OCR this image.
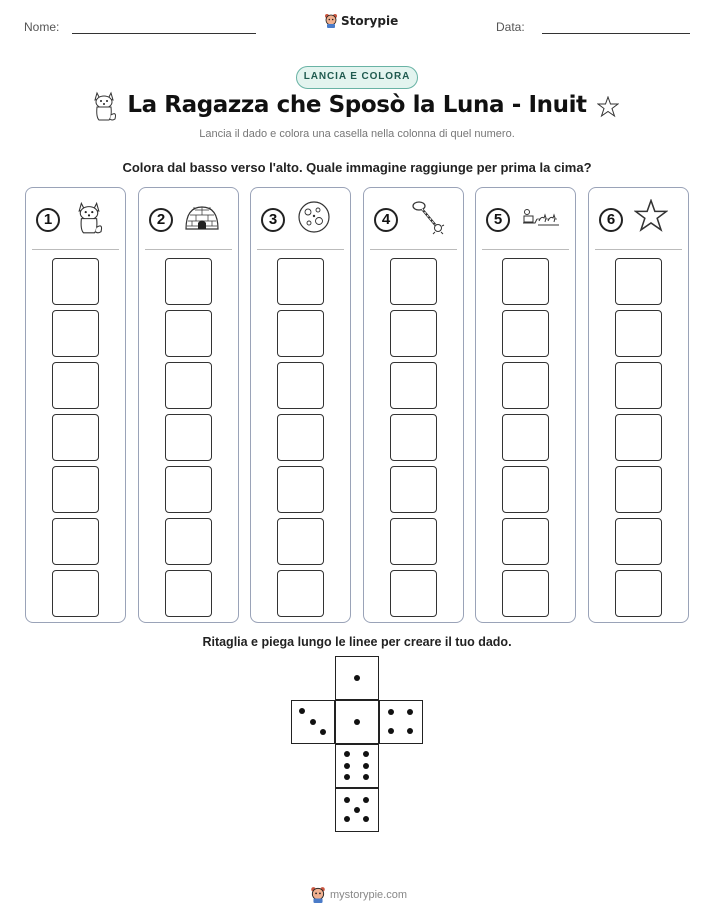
Nome:	Storypie	Data:
LANCIA E COLORA
La Ragazza che Sposò la Luna - Inuit
Lancia il dado e colora una casella nella colonna di quel numero.
Colora dal basso verso l'alto. Quale immagine raggiunge per prima la cima?
1	2	3	4	5	6
Ritaglia e piega lungo le linee per creare il tuo dado.
mystorypie.com
